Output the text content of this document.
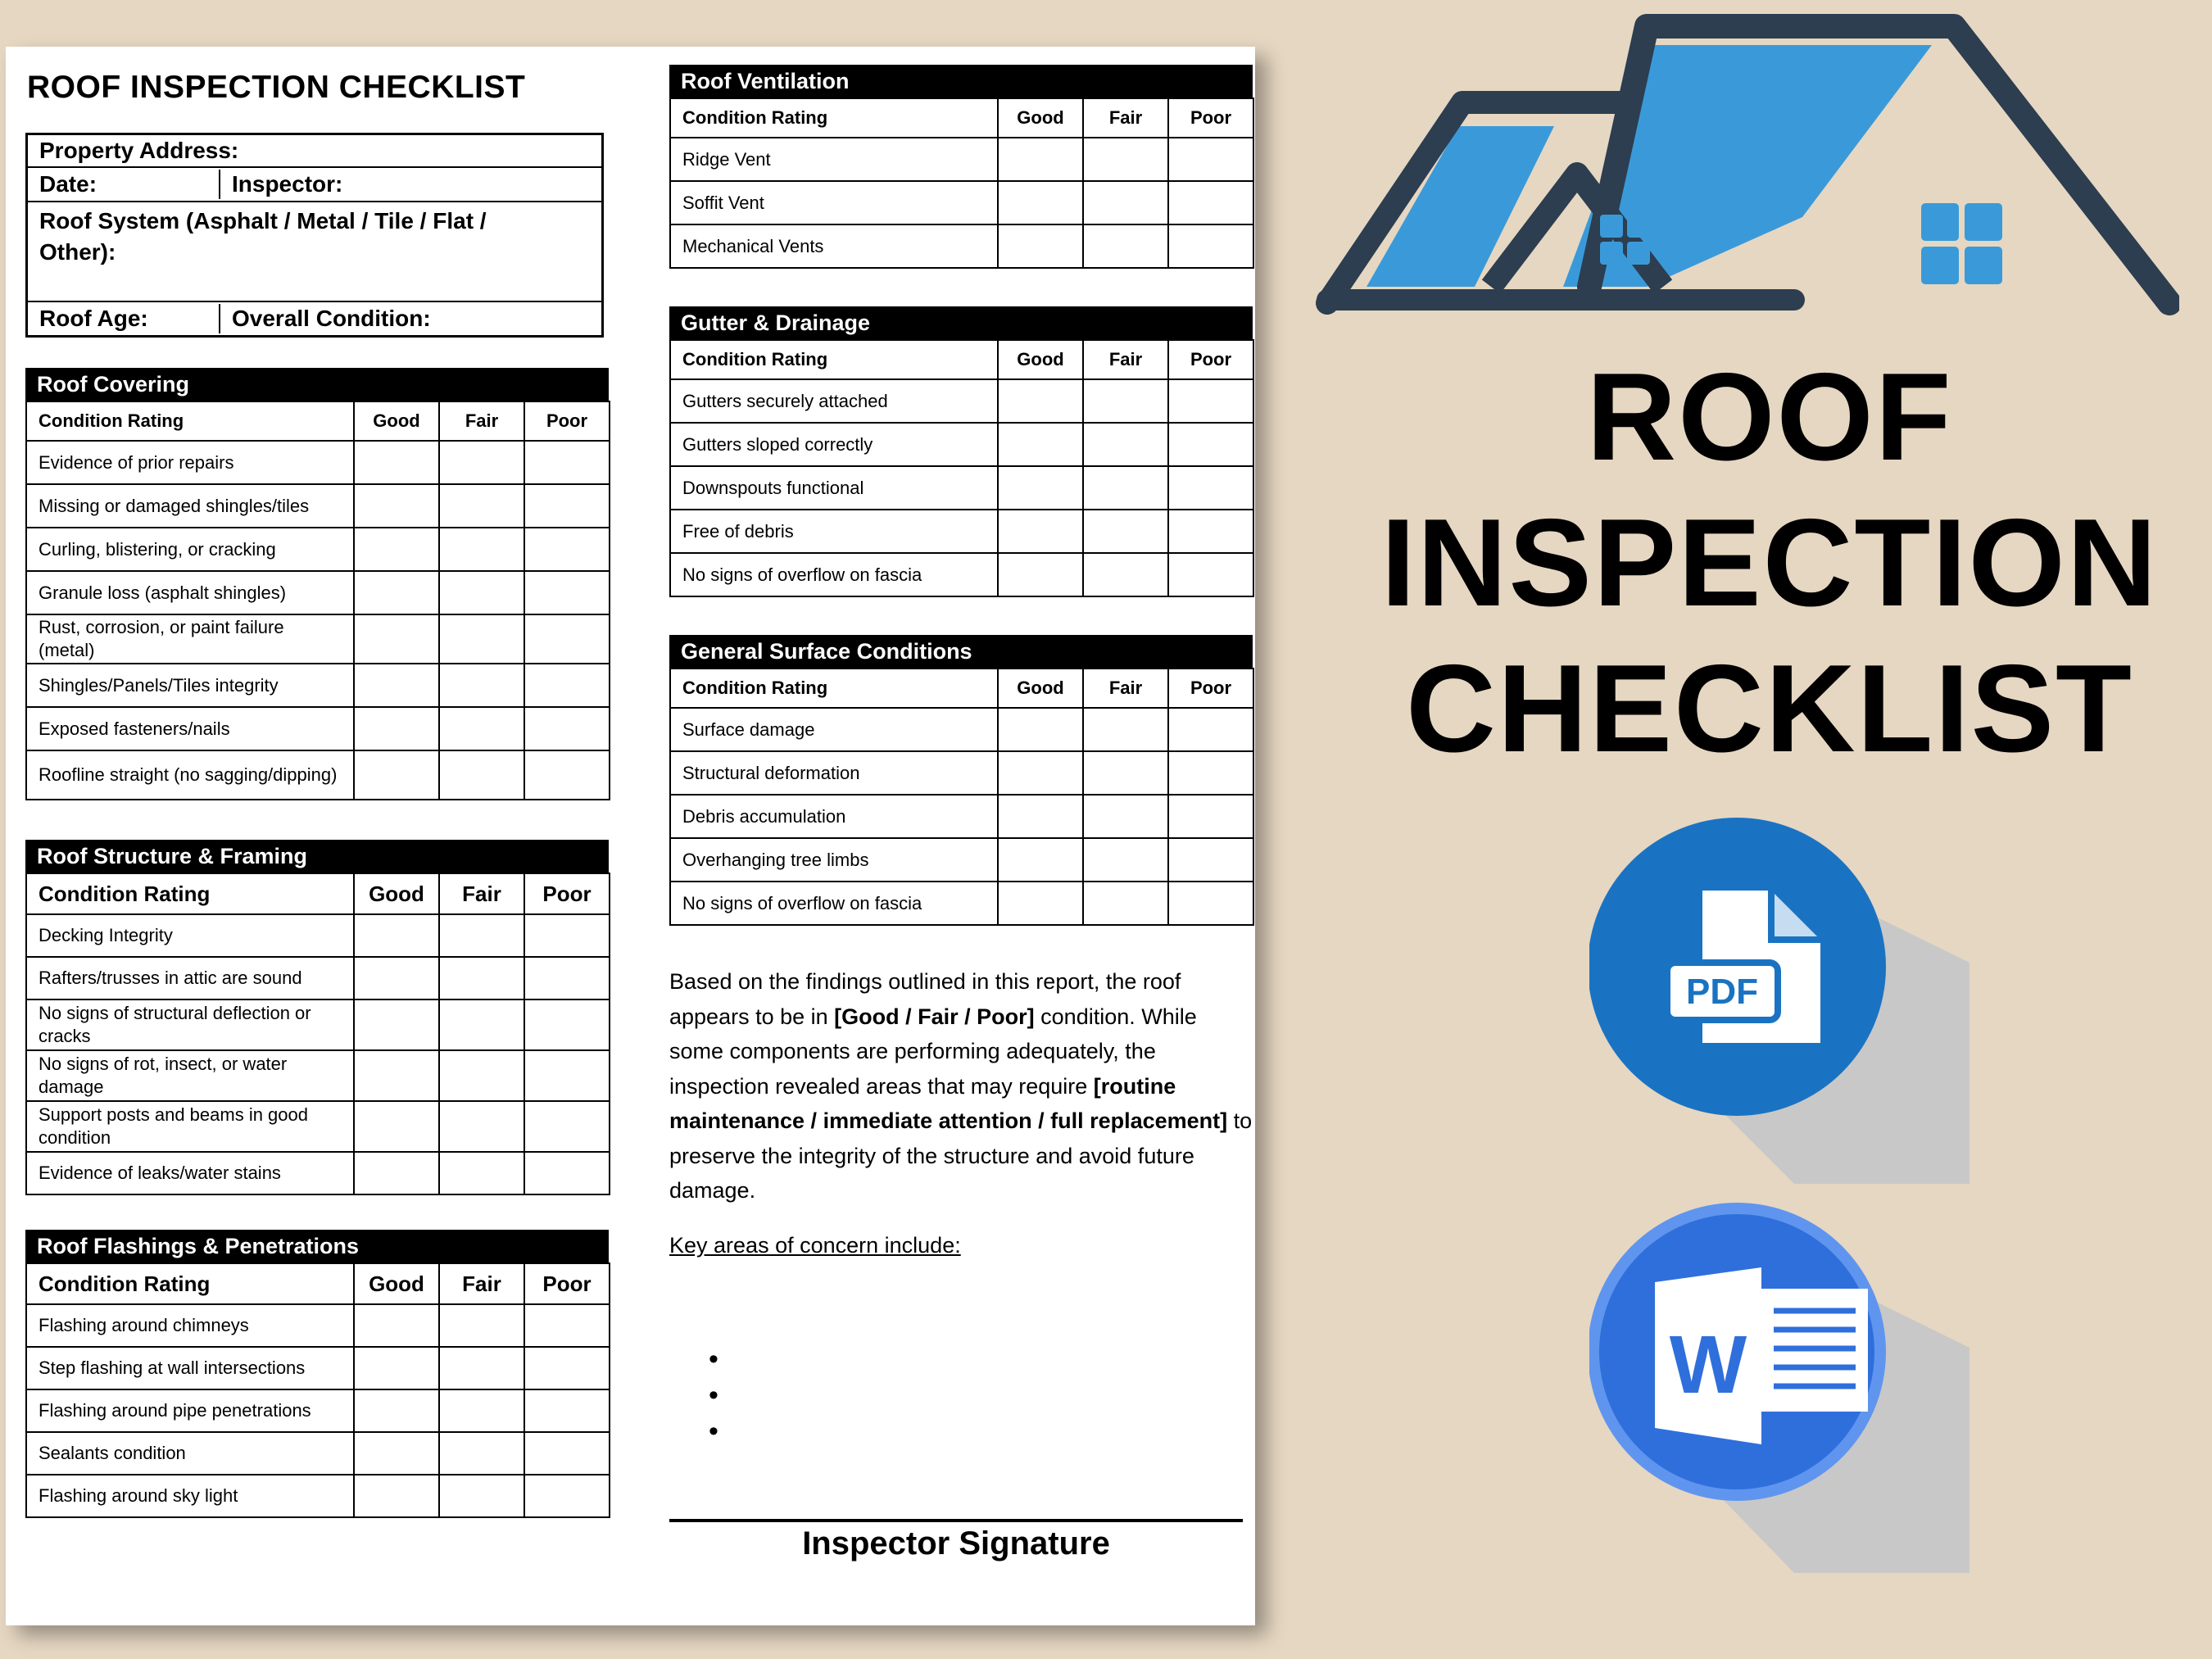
ROOF INSPECTION CHECKLIST
Property Address:
Date:	Inspector:
Roof System (Asphalt / Metal / Tile / Flat / Other):
Roof Age:	Overall Condition:
Roof Covering
Condition Rating	Good	Fair	Poor
Evidence of prior repairs			
Missing or damaged shingles/tiles			
Curling, blistering, or cracking			
Granule loss (asphalt shingles)			
Rust, corrosion, or paint failure (metal)			
Shingles/Panels/Tiles integrity			
Exposed fasteners/nails			
Roofline straight (no sagging/dipping)			
Roof Structure & Framing
Condition Rating	Good	Fair	Poor
Decking Integrity			
Rafters/trusses in attic are sound			
No signs of structural deflection or cracks			
No signs of rot, insect, or water damage			
Support posts and beams in good condition			
Evidence of leaks/water stains			
Roof Flashings & Penetrations
Condition Rating	Good	Fair	Poor
Flashing around chimneys			
Step flashing at wall intersections			
Flashing around pipe penetrations			
Sealants condition			
Flashing around sky light			
Roof Ventilation
Condition Rating	Good	Fair	Poor
Ridge Vent			
Soffit Vent			
Mechanical Vents			
Gutter & Drainage
Condition Rating	Good	Fair	Poor
Gutters securely attached			
Gutters sloped correctly			
Downspouts functional			
Free of debris			
No signs of overflow on fascia			
General Surface Conditions
Condition Rating	Good	Fair	Poor
Surface damage			
Structural deformation			
Debris accumulation			
Overhanging tree limbs			
No signs of overflow on fascia			
Based on the findings outlined in this report, the roof appears to be in [Good / Fair / Poor] condition. While some components are performing adequately, the inspection revealed areas that may require [routine maintenance / immediate attention / full replacement] to preserve the integrity of the structure and avoid future damage.
Key areas of concern include:
•
•
•
Inspector Signature
ROOF
INSPECTION
CHECKLIST
PDF
W
